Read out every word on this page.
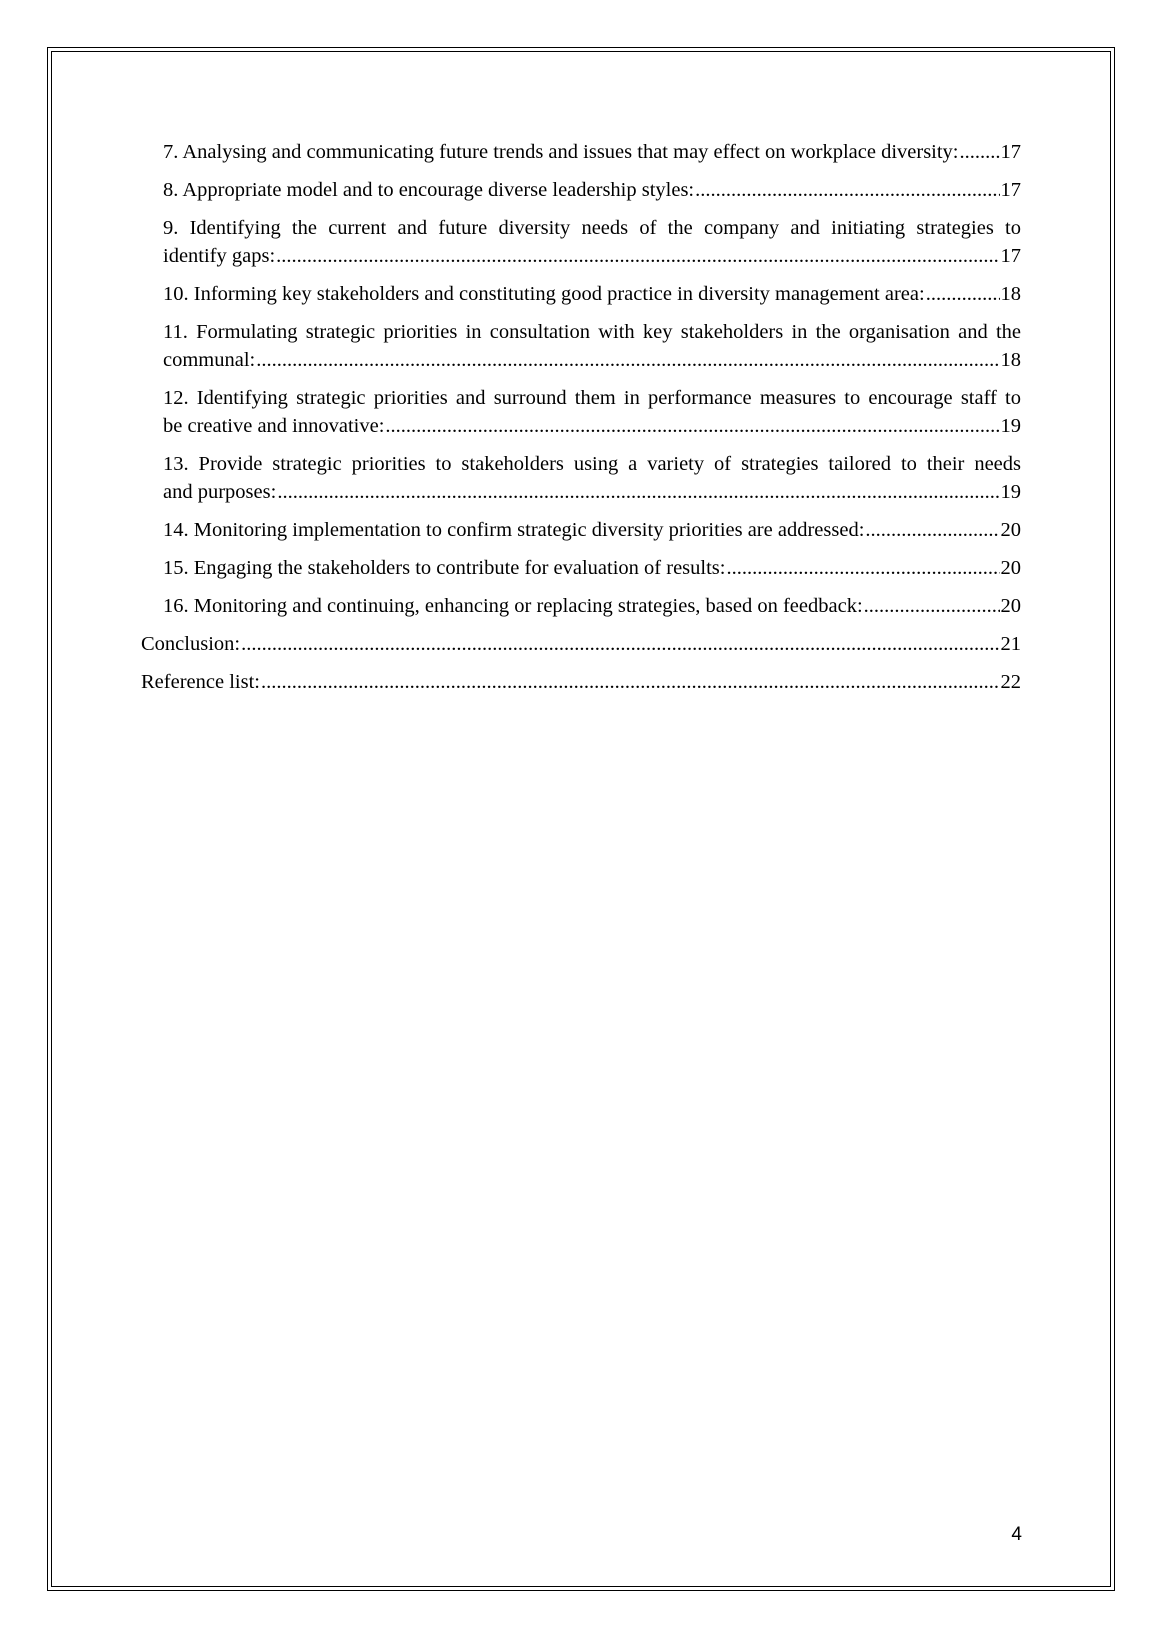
7. Analysing and communicating future trends and issues that may effect on workplace diversity: ..... 17
8. Appropriate model and to encourage diverse leadership styles: .....	17
9. Identifying the current and future diversity needs of the company and initiating strategies to
identify gaps: .....	17
10. Informing key stakeholders and constituting good practice in diversity management area: .....	18
11. Formulating strategic priorities in consultation with key stakeholders in the organisation and the
communal: .....	18
12. Identifying strategic priorities and surround them in performance measures to encourage staff to
be creative and innovative: .....	19
13. Provide strategic priorities to stakeholders using a variety of strategies tailored to their needs
and purposes: .....	19
14. Monitoring implementation to confirm strategic diversity priorities are addressed: .....	20
15. Engaging the stakeholders to contribute for evaluation of results: .....	20
16. Monitoring and continuing, enhancing or replacing strategies, based on feedback: .....	20
Conclusion: .....	21
Reference list: .....	22
4
